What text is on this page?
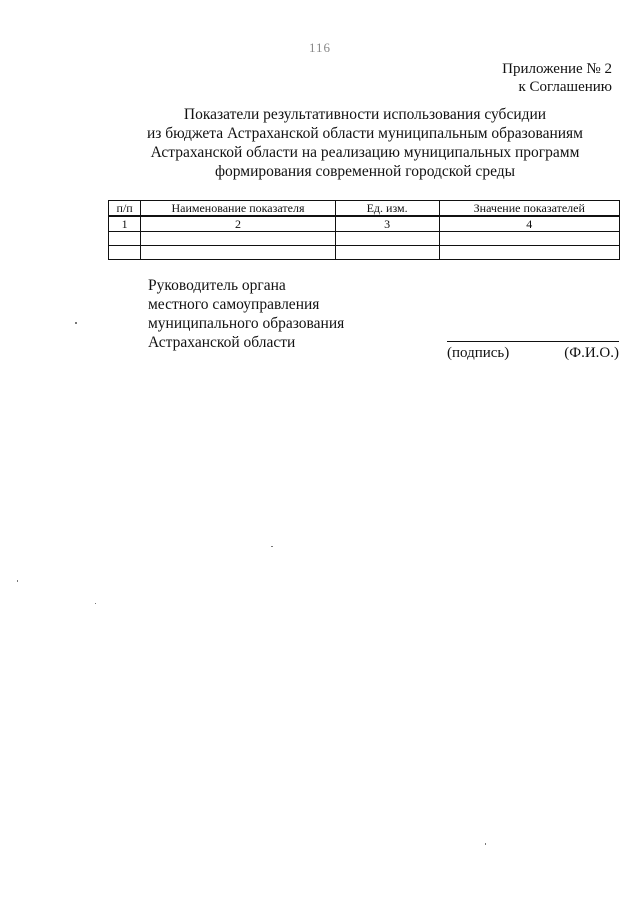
116
Приложение № 2
к Соглашению
Показатели результативности использования субсидии
из бюджета Астраханской области муниципальным образованиям
Астраханской области на реализацию муниципальных программ
формирования современной городской среды
п/п	Наименование показателя	Ед. изм.	Значение показателей
1	2	3	4

Руководитель органа
местного самоуправления
муниципального образования
Астраханской области
(подпись)	(Ф.И.О.)
